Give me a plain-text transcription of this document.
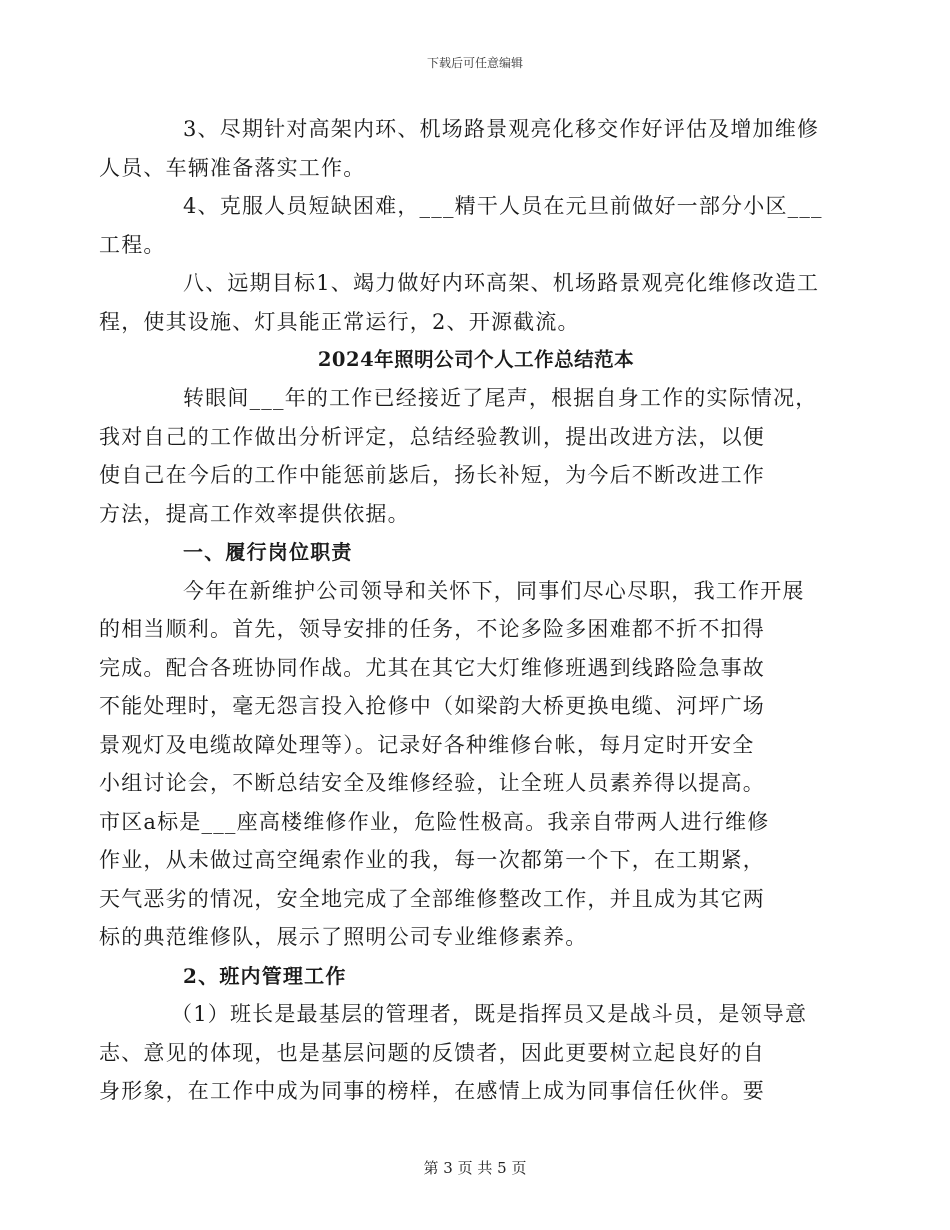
下载后可任意编辑
3、尽期针对高架内环、机场路景观亮化移交作好评估及增加维修
人员、车辆准备落实工作。
4、克服人员短缺困难，___精干人员在元旦前做好一部分小区___
工程。
八、远期目标1、竭力做好内环高架、机场路景观亮化维修改造工
程，使其设施、灯具能正常运行，2、开源截流。
2024年照明公司个人工作总结范本
转眼间___年的工作已经接近了尾声，根据自身工作的实际情况，
我对自己的工作做出分析评定，总结经验教训，提出改进方法，以便
使自己在今后的工作中能惩前毖后，扬长补短，为今后不断改进工作
方法，提高工作效率提供依据。
一、履行岗位职责
今年在新维护公司领导和关怀下，同事们尽心尽职，我工作开展
的相当顺利。首先，领导安排的任务，不论多险多困难都不折不扣得
完成。配合各班协同作战。尤其在其它大灯维修班遇到线路险急事故
不能处理时，毫无怨言投入抢修中（如梁韵大桥更换电缆、河坪广场
景观灯及电缆故障处理等）。记录好各种维修台帐，每月定时开安全
小组讨论会，不断总结安全及维修经验，让全班人员素养得以提高。
市区a标是___座高楼维修作业，危险性极高。我亲自带两人进行维修
作业，从未做过高空绳索作业的我，每一次都第一个下，在工期紧，
天气恶劣的情况，安全地完成了全部维修整改工作，并且成为其它两
标的典范维修队，展示了照明公司专业维修素养。
2、班内管理工作
（1）班长是最基层的管理者，既是指挥员又是战斗员，是领导意
志、意见的体现，也是基层问题的反馈者，因此更要树立起良好的自
身形象，在工作中成为同事的榜样，在感情上成为同事信任伙伴。要
第 3 页 共 5 页
